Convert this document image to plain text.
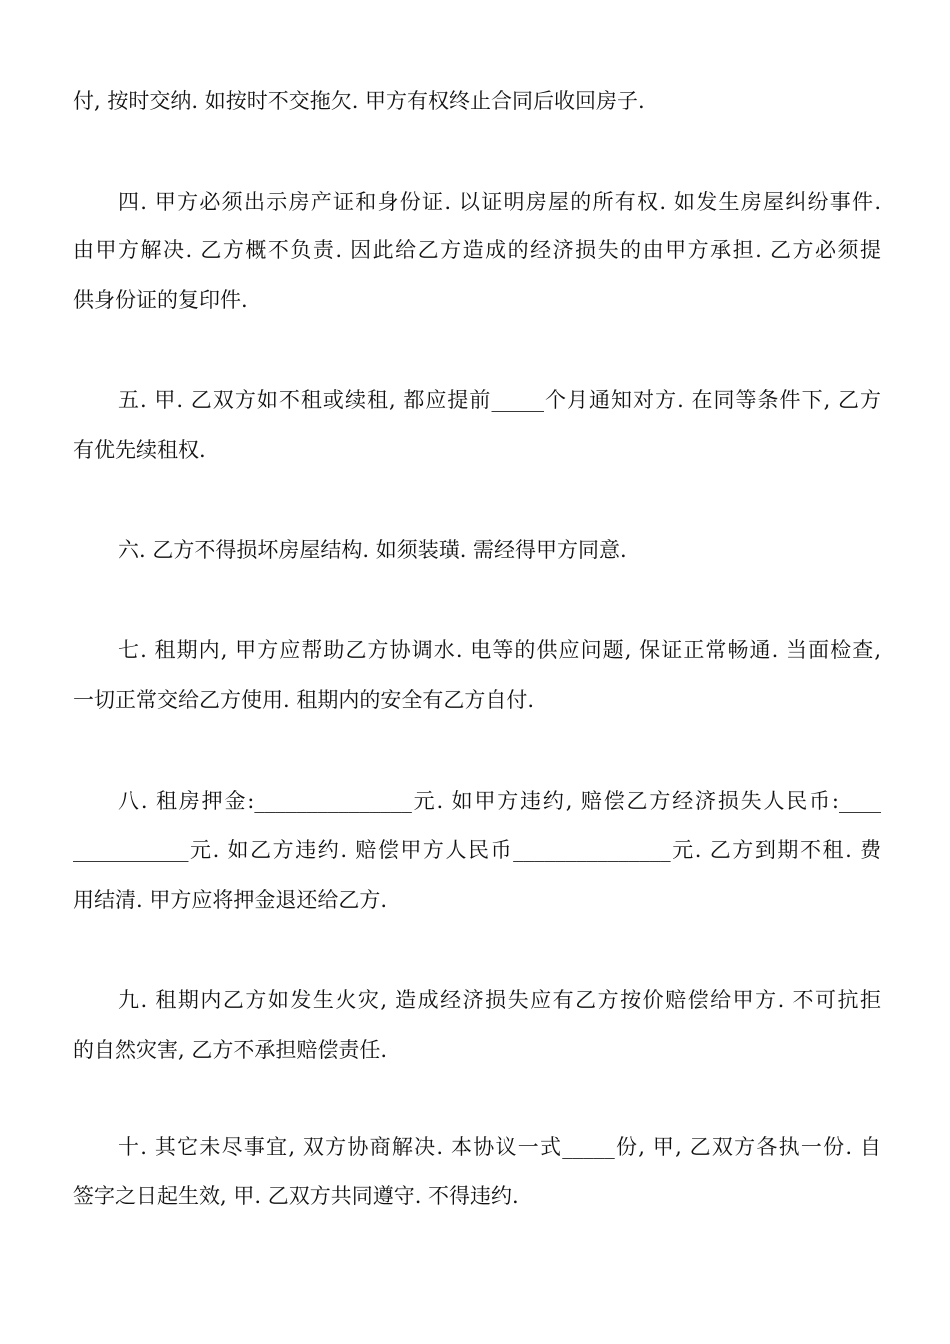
付, 按时交纳. 如按时不交拖欠. 甲方有权终止合同后收回房子.
四. 甲方必须出示房产证和身份证. 以证明房屋的所有权. 如发生房屋纠纷事件.
由甲方解决. 乙方概不负责. 因此给乙方造成的经济损失的由甲方承担. 乙方必须提
供身份证的复印件.
五. 甲. 乙双方如不租或续租, 都应提前_____个月通知对方. 在同等条件下, 乙方
有优先续租权.
六. 乙方不得损坏房屋结构. 如须装璜. 需经得甲方同意.
七. 租期内, 甲方应帮助乙方协调水. 电等的供应问题, 保证正常畅通. 当面检查,
一切正常交给乙方使用. 租期内的安全有乙方自付.
八. 租房押金:_______________元. 如甲方违约, 赔偿乙方经济损失人民币:____
___________元. 如乙方违约. 赔偿甲方人民币_______________元. 乙方到期不租. 费
用结清. 甲方应将押金退还给乙方.
九. 租期内乙方如发生火灾, 造成经济损失应有乙方按价赔偿给甲方. 不可抗拒
的自然灾害, 乙方不承担赔偿责任.
十. 其它未尽事宜, 双方协商解决. 本协议一式_____份, 甲, 乙双方各执一份. 自
签字之日起生效, 甲. 乙双方共同遵守. 不得违约.
